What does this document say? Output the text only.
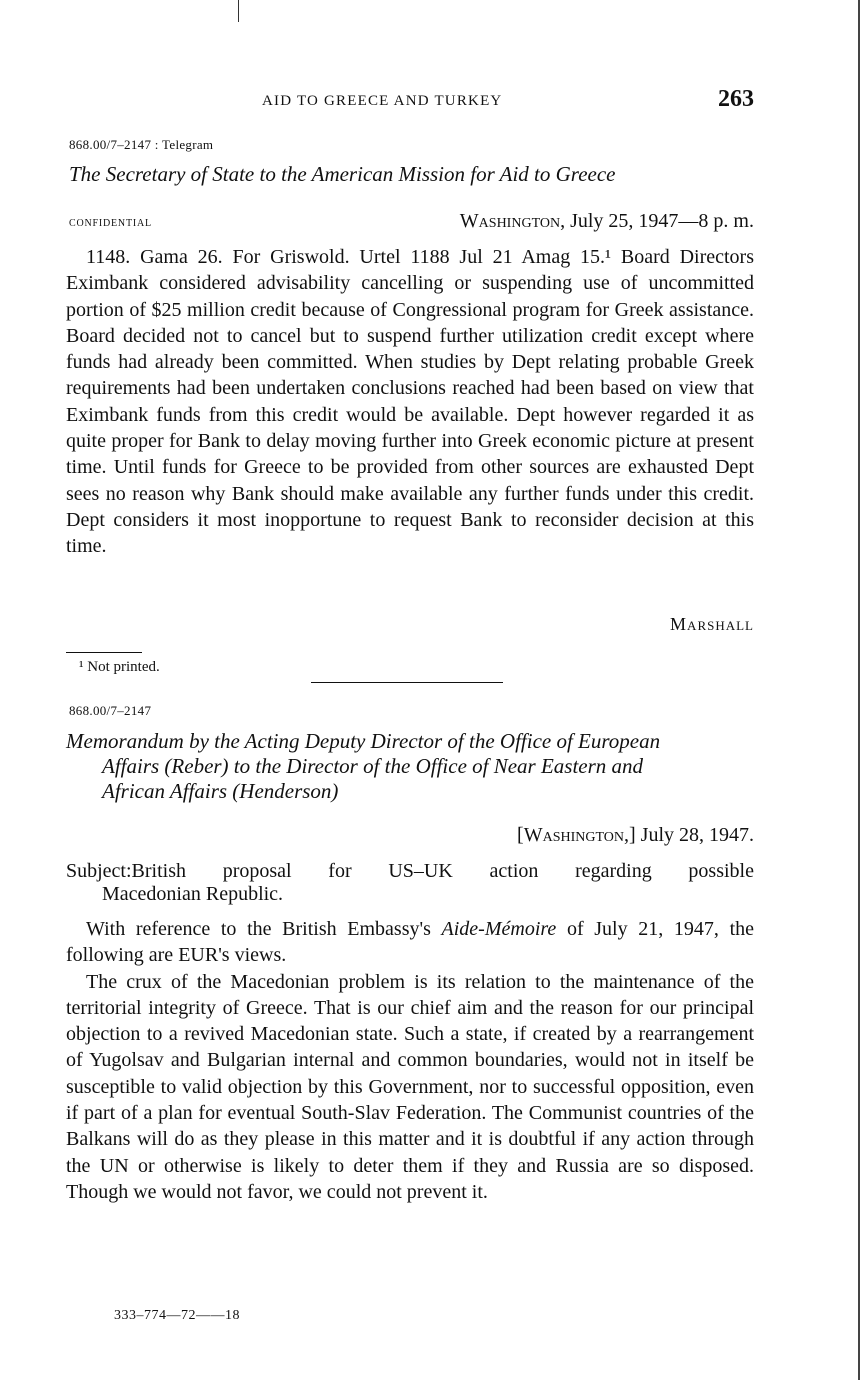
AID TO GREECE AND TURKEY	263
868.00/7–2147 : Telegram
The Secretary of State to the American Mission for Aid to Greece
confidential	Washington, July 25, 1947—8 p. m.

1148. Gama 26. For Griswold. Urtel 1188 Jul 21 Amag 15.¹ Board Directors Eximbank considered advisability cancelling or suspending use of uncommitted portion of $25 million credit because of Congressional program for Greek assistance. Board decided not to cancel but to suspend further utilization credit except where funds had already been committed. When studies by Dept relating probable Greek requirements had been undertaken conclusions reached had been based on view that Eximbank funds from this credit would be available. Dept however regarded it as quite proper for Bank to delay moving further into Greek economic picture at present time. Until funds for Greece to be provided from other sources are exhausted Dept sees no reason why Bank should make available any further funds under this credit. Dept considers it most inopportune to request Bank to reconsider decision at this time.

Marshall
¹ Not printed.
868.00/7–2147
Memorandum by the Acting Deputy Director of the Office of European
Affairs (Reber) to the Director of the Office of Near Eastern and
African Affairs (Henderson)
[Washington,] July 28, 1947.
Subject: British proposal for US–UK action regarding possible
Macedonian Republic.

With reference to the British Embassy's Aide-Mémoire of July 21, 1947, the following are EUR's views.

The crux of the Macedonian problem is its relation to the maintenance of the territorial integrity of Greece. That is our chief aim and the reason for our principal objection to a revived Macedonian state. Such a state, if created by a rearrangement of Yugolsav and Bulgarian internal and common boundaries, would not in itself be susceptible to valid objection by this Government, nor to successful opposition, even if part of a plan for eventual South-Slav Federation. The Communist countries of the Balkans will do as they please in this matter and it is doubtful if any action through the UN or otherwise is likely to deter them if they and Russia are so disposed. Though we would not favor, we could not prevent it.

333–774—72——18
